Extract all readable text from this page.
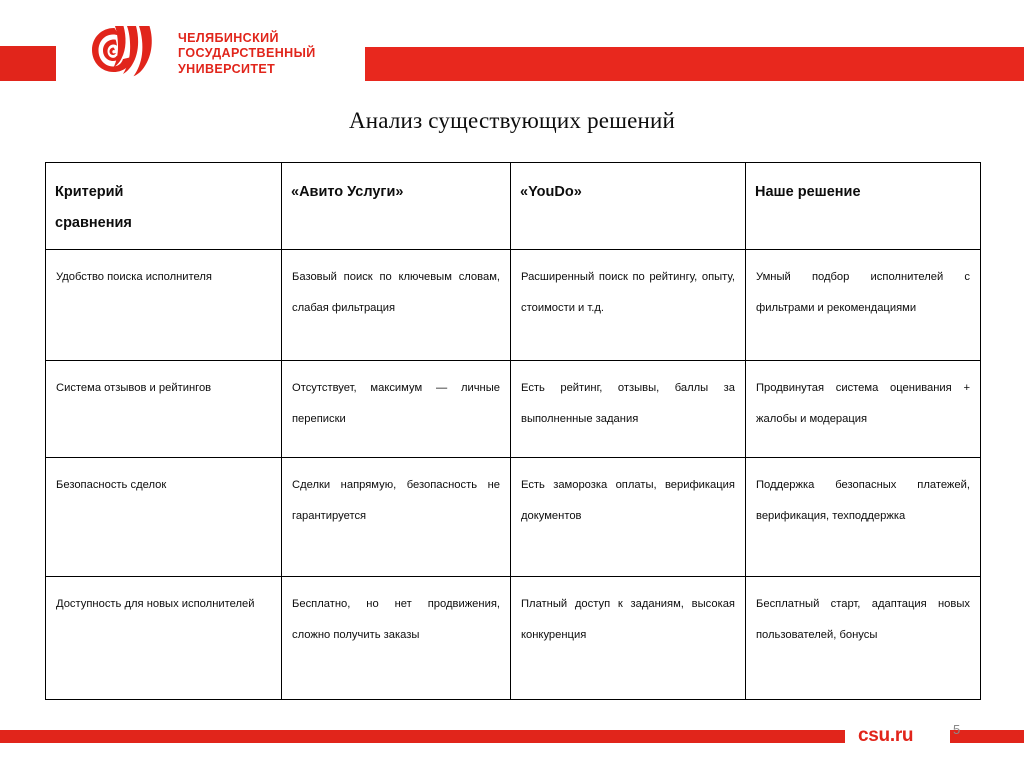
ЧЕЛЯБИНСКИЙ
ГОСУДАРСТВЕННЫЙ
УНИВЕРСИТЕТ
Анализ существующих решений
Критерий
сравнения	«Авито Услуги»	«YouDo»	Наше решение

Удобство поиска исполнителя	Базовый поиск по ключевым словам, слабая фильтрация	Расширенный поиск по рейтингу, опыту, стоимости и т.д.	Умный подбор исполнителей с фильтрами и рекомендациями

Система отзывов и рейтингов	Отсутствует, максимум — личные переписки	Есть рейтинг, отзывы, баллы за выполненные задания	Продвинутая система оценивания + жалобы и модерация

Безопасность сделок	Сделки напрямую, безопасность не гарантируется	Есть заморозка оплаты, верификация документов	Поддержка безопасных платежей, верификация, техподдержка

Доступность для новых исполнителей	Бесплатно, но нет продвижения, сложно получить заказы	Платный доступ к заданиям, высокая конкуренция	Бесплатный старт, адаптация новых пользователей, бонусы

csu.ru	5
